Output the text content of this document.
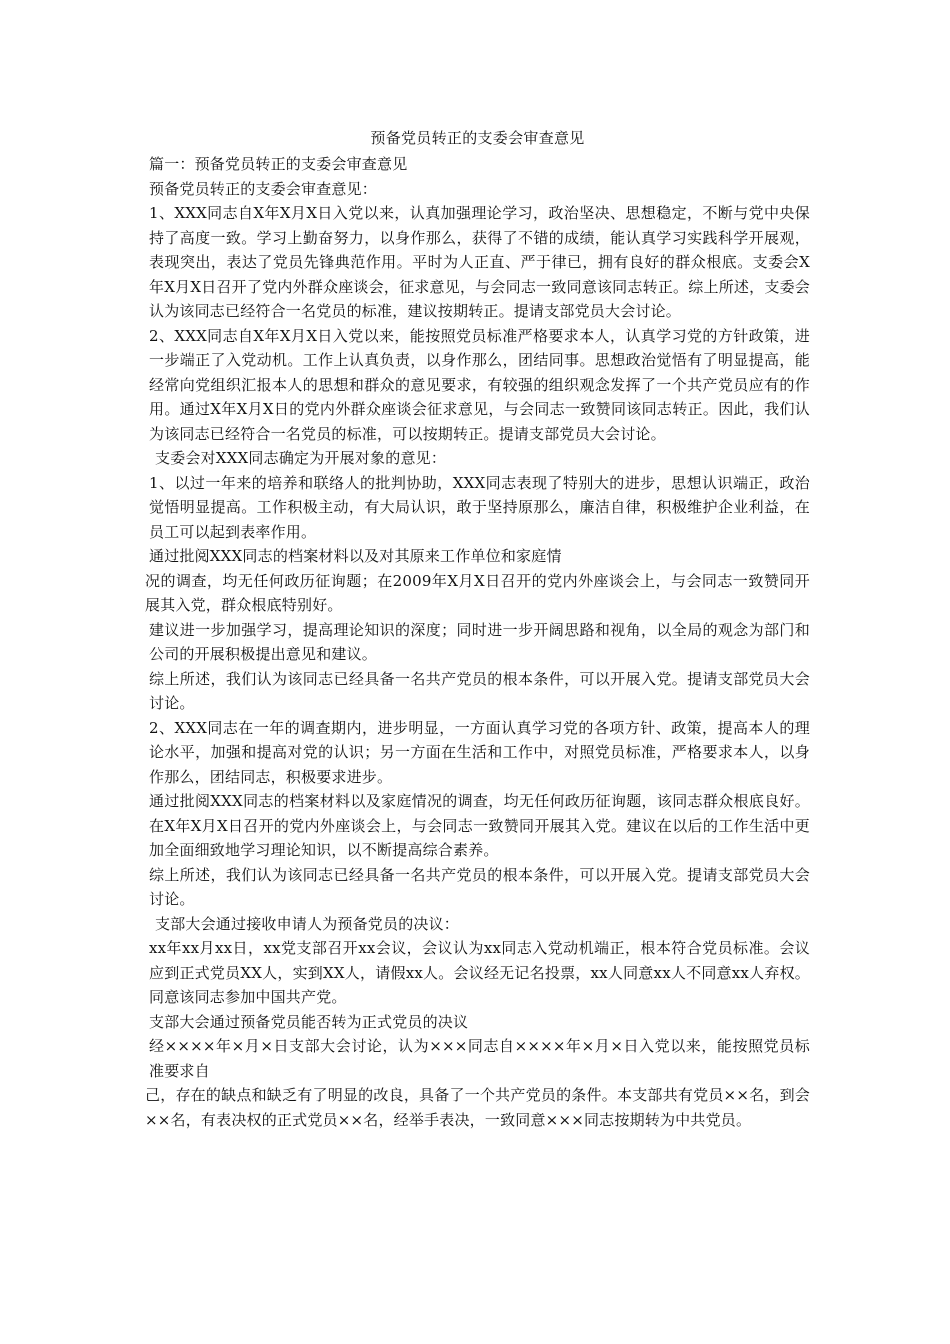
预备党员转正的支委会审查意见

篇一：预备党员转正的支委会审查意见

预备党员转正的支委会审查意见：

1、XXX同志自X年X月X日入党以来，认真加强理论学习，政治坚决、思想稳定，不断与党中央保持了高度一致。学习上勤奋努力，以身作那么，获得了不错的成绩，能认真学习实践科学开展观，表现突出，表达了党员先锋典范作用。平时为人正直、严于律已，拥有良好的群众根底。支委会X年X月X日召开了党内外群众座谈会，征求意见，与会同志一致同意该同志转正。综上所述，支委会认为该同志已经符合一名党员的标准，建议按期转正。提请支部党员大会讨论。

2、XXX同志自X年X月X日入党以来，能按照党员标准严格要求本人，认真学习党的方针政策，进一步端正了入党动机。工作上认真负责，以身作那么，团结同事。思想政治觉悟有了明显提高，能经常向党组织汇报本人的思想和群众的意见要求，有较强的组织观念发挥了一个共产党员应有的作用。通过X年X月X日的党内外群众座谈会征求意见，与会同志一致赞同该同志转正。因此，我们认为该同志已经符合一名党员的标准，可以按期转正。提请支部党员大会讨论。

支委会对XXX同志确定为开展对象的意见：

1、以过一年来的培养和联络人的批判协助，XXX同志表现了特别大的进步，思想认识端正，政治觉悟明显提高。工作积极主动，有大局认识，敢于坚持原那么，廉洁自律，积极维护企业利益，在员工可以起到表率作用。

通过批阅XXX同志的档案材料以及对其原来工作单位和家庭情

况的调查，均无任何政历征询题；在2009年X月X日召开的党内外座谈会上，与会同志一致赞同开展其入党，群众根底特别好。

建议进一步加强学习，提高理论知识的深度；同时进一步开阔思路和视角，以全局的观念为部门和公司的开展积极提出意见和建议。

综上所述，我们认为该同志已经具备一名共产党员的根本条件，可以开展入党。提请支部党员大会讨论。

2、XXX同志在一年的调查期内，进步明显，一方面认真学习党的各项方针、政策，提高本人的理论水平，加强和提高对党的认识；另一方面在生活和工作中，对照党员标准，严格要求本人，以身作那么，团结同志，积极要求进步。

通过批阅XXX同志的档案材料以及家庭情况的调查，均无任何政历征询题，该同志群众根底良好。在X年X月X日召开的党内外座谈会上，与会同志一致赞同开展其入党。建议在以后的工作生活中更加全面细致地学习理论知识，以不断提高综合素养。

综上所述，我们认为该同志已经具备一名共产党员的根本条件，可以开展入党。提请支部党员大会讨论。

支部大会通过接收申请人为预备党员的决议：

xx年xx月xx日，xx党支部召开xx会议，会议认为xx同志入党动机端正，根本符合党员标准。会议应到正式党员XX人，实到XX人，请假xx人。会议经无记名投票，xx人同意xx人不同意xx人弃权。同意该同志参加中国共产党。

支部大会通过预备党员能否转为正式党员的决议

经××××年×月×日支部大会讨论，认为×××同志自××××年×月×日入党以来，能按照党员标准要求自

己，存在的缺点和缺乏有了明显的改良，具备了一个共产党员的条件。本支部共有党员××名，到会××名，有表决权的正式党员××名，经举手表决，一致同意×××同志按期转为中共党员。
